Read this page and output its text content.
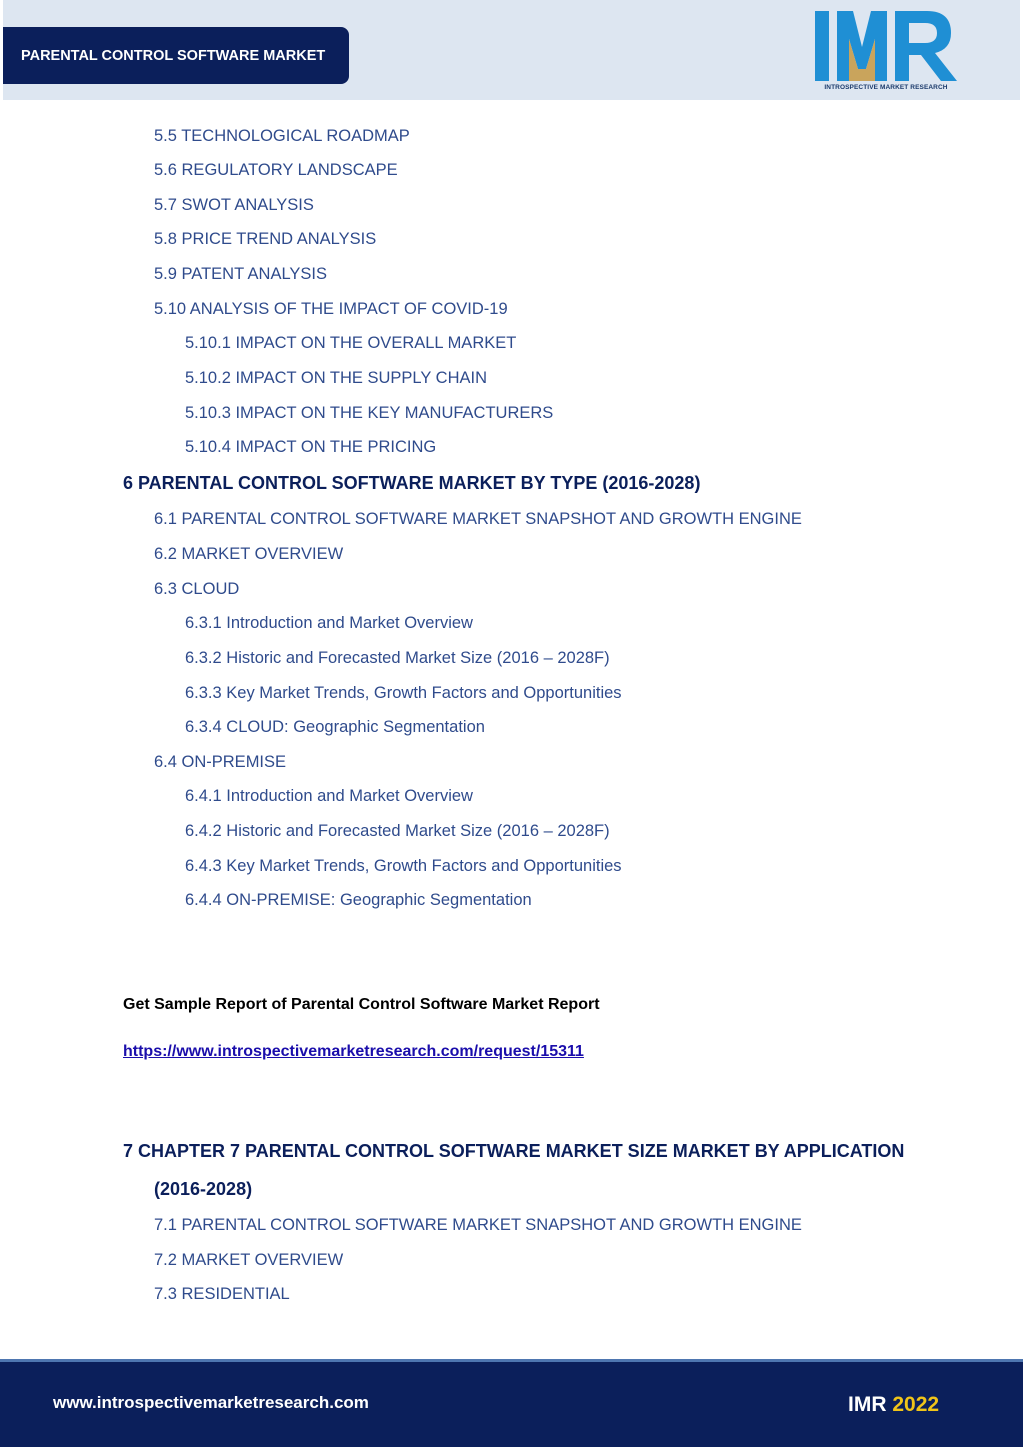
PARENTAL CONTROL SOFTWARE MARKET
INTROSPECTIVE MARKET RESEARCH
5.5 TECHNOLOGICAL ROADMAP
5.6 REGULATORY LANDSCAPE
5.7 SWOT ANALYSIS
5.8 PRICE TREND ANALYSIS
5.9 PATENT ANALYSIS
5.10 ANALYSIS OF THE IMPACT OF COVID-19
5.10.1 IMPACT ON THE OVERALL MARKET
5.10.2 IMPACT ON THE SUPPLY CHAIN
5.10.3 IMPACT ON THE KEY MANUFACTURERS
5.10.4 IMPACT ON THE PRICING
6 PARENTAL CONTROL SOFTWARE MARKET BY TYPE (2016-2028)
6.1 PARENTAL CONTROL SOFTWARE MARKET SNAPSHOT AND GROWTH ENGINE
6.2 MARKET OVERVIEW
6.3 CLOUD
6.3.1 Introduction and Market Overview
6.3.2 Historic and Forecasted Market Size (2016 – 2028F)
6.3.3 Key Market Trends, Growth Factors and Opportunities
6.3.4 CLOUD: Geographic Segmentation
6.4 ON-PREMISE
6.4.1 Introduction and Market Overview
6.4.2 Historic and Forecasted Market Size (2016 – 2028F)
6.4.3 Key Market Trends, Growth Factors and Opportunities
6.4.4 ON-PREMISE: Geographic Segmentation
Get Sample Report of Parental Control Software Market Report
https://www.introspectivemarketresearch.com/request/15311
7 CHAPTER 7 PARENTAL CONTROL SOFTWARE MARKET SIZE MARKET BY APPLICATION
(2016-2028)
7.1 PARENTAL CONTROL SOFTWARE MARKET SNAPSHOT AND GROWTH ENGINE
7.2 MARKET OVERVIEW
7.3 RESIDENTIAL
www.introspectivemarketresearch.com	IMR 2022
